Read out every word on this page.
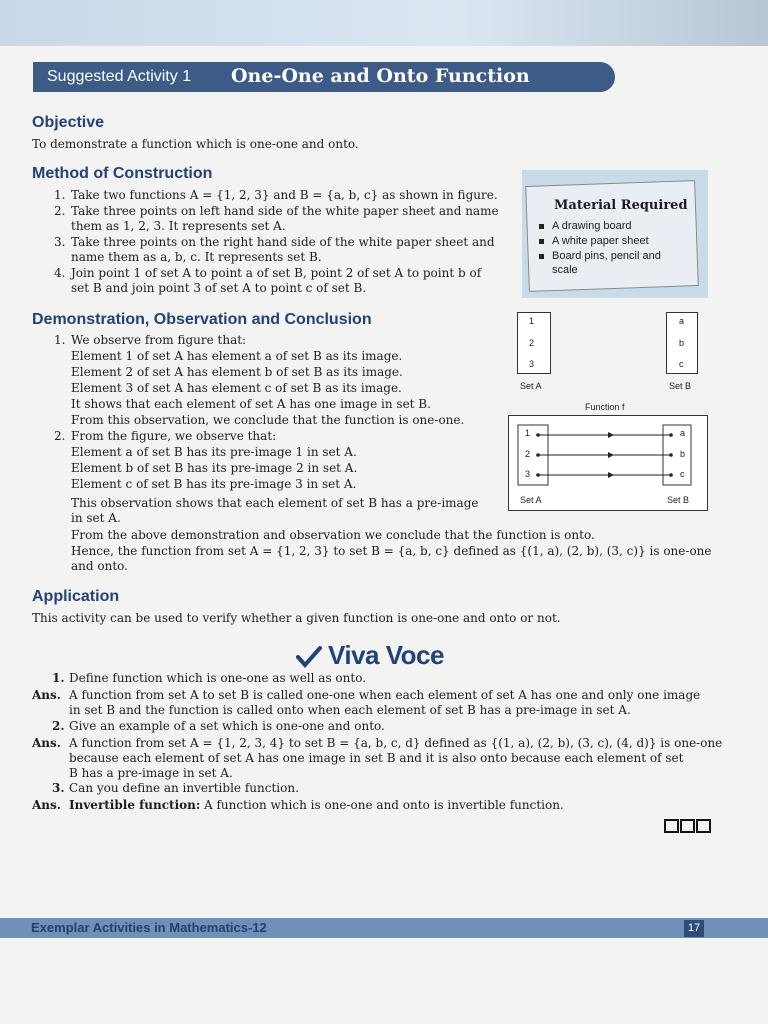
Suggested Activity 1 One-One and Onto Function
Objective
To demonstrate a function which is one-one and onto.
Method of Construction
1. Take two functions A = {1, 2, 3} and B = {a, b, c} as shown in figure.
2. Take three points on left hand side of the white paper sheet and name
them as 1, 2, 3. It represents set A.
3. Take three points on the right hand side of the white paper sheet and
name them as a, b, c. It represents set B.
4. Join point 1 of set A to point a of set B, point 2 of set A to point b of
set B and join point 3 of set A to point c of set B.
Material Required
A drawing board
A white paper sheet
Board pins, pencil and
scale
1
2
3
Set A
a
b
c
Set B
Function f
1
2
3
a
b
c
Set A	Set B
Demonstration, Observation and Conclusion
1. We observe from figure that:
Element 1 of set A has element a of set B as its image.
Element 2 of set A has element b of set B as its image.
Element 3 of set A has element c of set B as its image.
It shows that each element of set A has one image in set B.
From this observation, we conclude that the function is one-one.
2. From the figure, we observe that:
Element a of set B has its pre-image 1 in set A.
Element b of set B has its pre-image 2 in set A.
Element c of set B has its pre-image 3 in set A.
This observation shows that each element of set B has a pre-image
in set A.
From the above demonstration and observation we conclude that the function is onto.
Hence, the function from set A = {1, 2, 3} to set B = {a, b, c} defined as {(1, a), (2, b), (3, c)} is one-one
and onto.
Application
This activity can be used to verify whether a given function is one-one and onto or not.
Viva Voce
1. Define function which is one-one as well as onto.
Ans. A function from set A to set B is called one-one when each element of set A has one and only one image
in set B and the function is called onto when each element of set B has a pre-image in set A.
2. Give an example of a set which is one-one and onto.
Ans. A function from set A = {1, 2, 3, 4} to set B = {a, b, c, d} defined as {(1, a), (2, b), (3, c), (4, d)} is one-one
because each element of set A has one image in set B and it is also onto because each element of set
B has a pre-image in set A.
3. Can you define an invertible function.
Ans. Invertible function: A function which is one-one and onto is invertible function.
Exemplar Activities in Mathematics-12	17
